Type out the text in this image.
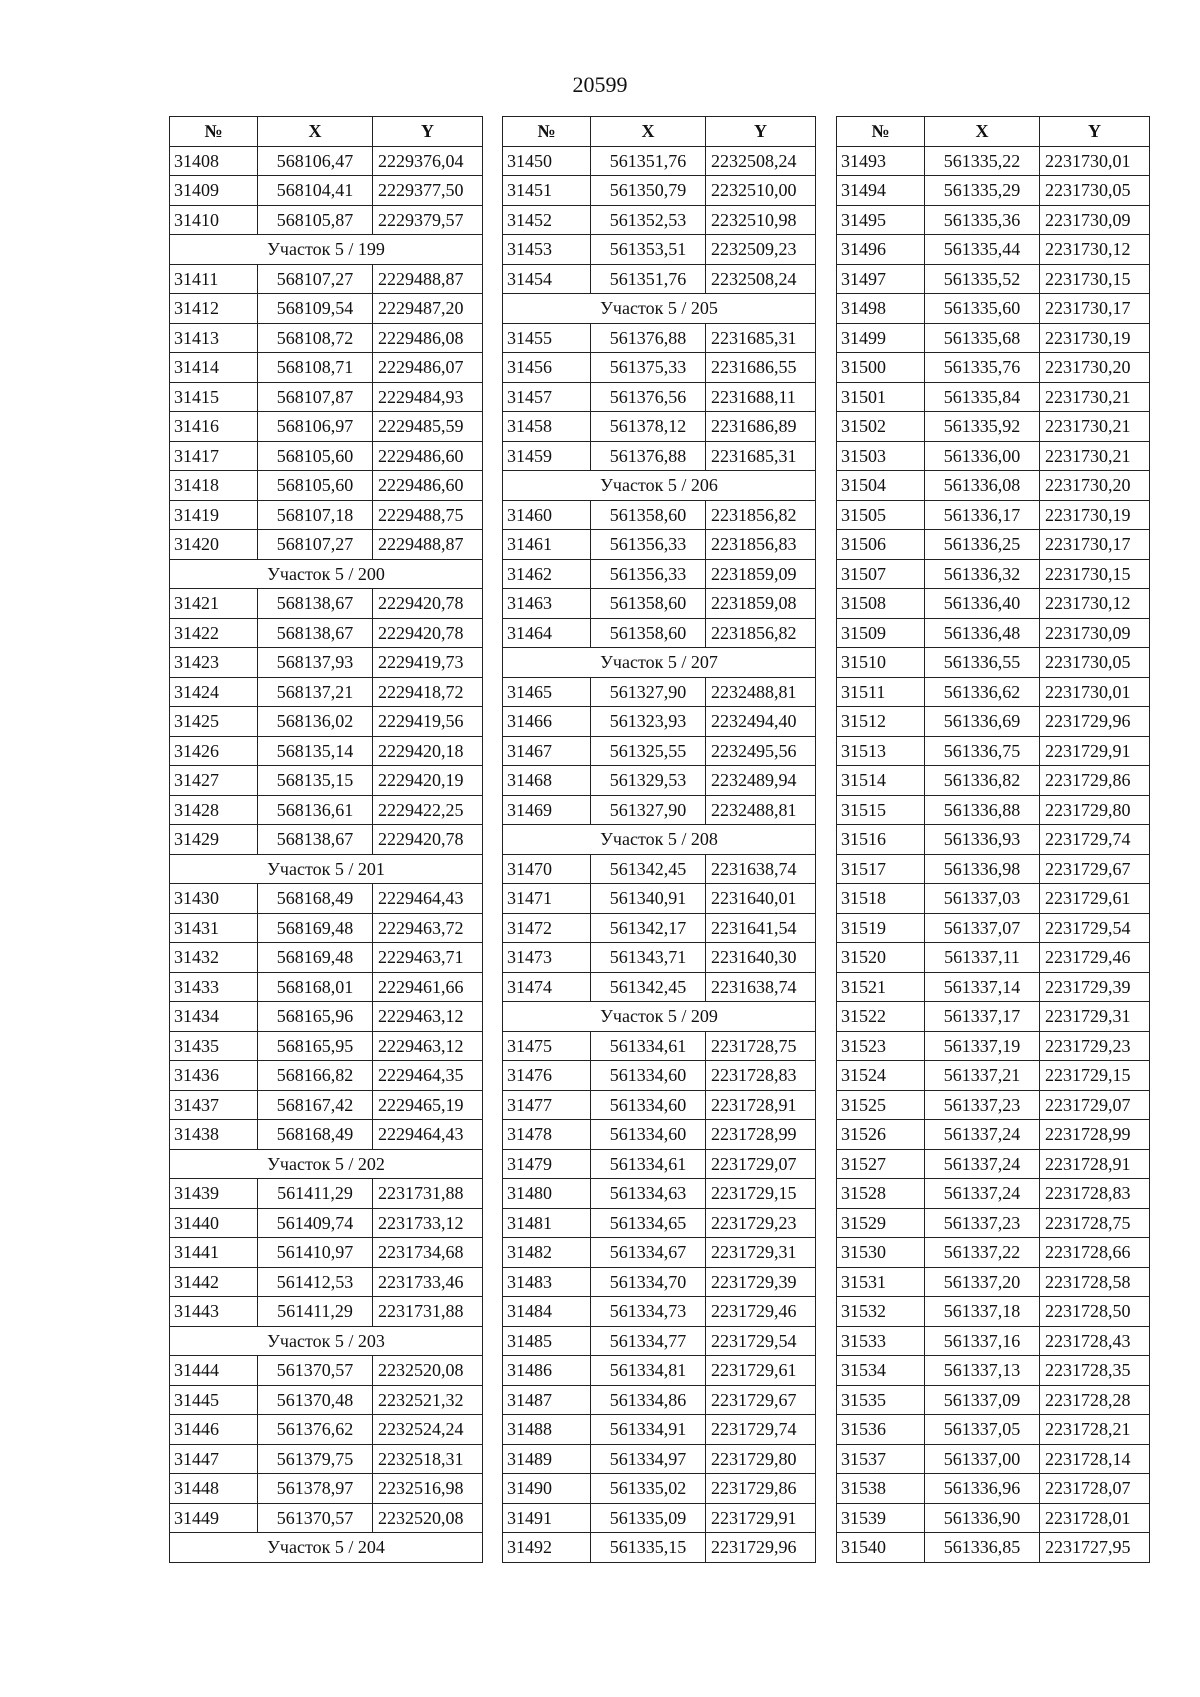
20599
№	X	Y
31408	568106,47	2229376,04
31409	568104,41	2229377,50
31410	568105,87	2229379,57
Участок 5 / 199		
31411	568107,27	2229488,87
31412	568109,54	2229487,20
31413	568108,72	2229486,08
31414	568108,71	2229486,07
31415	568107,87	2229484,93
31416	568106,97	2229485,59
31417	568105,60	2229486,60
31418	568105,60	2229486,60
31419	568107,18	2229488,75
31420	568107,27	2229488,87
Участок 5 / 200		
31421	568138,67	2229420,78
31422	568138,67	2229420,78
31423	568137,93	2229419,73
31424	568137,21	2229418,72
31425	568136,02	2229419,56
31426	568135,14	2229420,18
31427	568135,15	2229420,19
31428	568136,61	2229422,25
31429	568138,67	2229420,78
Участок 5 / 201		
31430	568168,49	2229464,43
31431	568169,48	2229463,72
31432	568169,48	2229463,71
31433	568168,01	2229461,66
31434	568165,96	2229463,12
31435	568165,95	2229463,12
31436	568166,82	2229464,35
31437	568167,42	2229465,19
31438	568168,49	2229464,43
Участок 5 / 202		
31439	561411,29	2231731,88
31440	561409,74	2231733,12
31441	561410,97	2231734,68
31442	561412,53	2231733,46
31443	561411,29	2231731,88
Участок 5 / 203		
31444	561370,57	2232520,08
31445	561370,48	2232521,32
31446	561376,62	2232524,24
31447	561379,75	2232518,31
31448	561378,97	2232516,98
31449	561370,57	2232520,08
Участок 5 / 204		
№	X	Y
31450	561351,76	2232508,24
31451	561350,79	2232510,00
31452	561352,53	2232510,98
31453	561353,51	2232509,23
31454	561351,76	2232508,24
Участок 5 / 205		
31455	561376,88	2231685,31
31456	561375,33	2231686,55
31457	561376,56	2231688,11
31458	561378,12	2231686,89
31459	561376,88	2231685,31
Участок 5 / 206		
31460	561358,60	2231856,82
31461	561356,33	2231856,83
31462	561356,33	2231859,09
31463	561358,60	2231859,08
31464	561358,60	2231856,82
Участок 5 / 207		
31465	561327,90	2232488,81
31466	561323,93	2232494,40
31467	561325,55	2232495,56
31468	561329,53	2232489,94
31469	561327,90	2232488,81
Участок 5 / 208		
31470	561342,45	2231638,74
31471	561340,91	2231640,01
31472	561342,17	2231641,54
31473	561343,71	2231640,30
31474	561342,45	2231638,74
Участок 5 / 209		
31475	561334,61	2231728,75
31476	561334,60	2231728,83
31477	561334,60	2231728,91
31478	561334,60	2231728,99
31479	561334,61	2231729,07
31480	561334,63	2231729,15
31481	561334,65	2231729,23
31482	561334,67	2231729,31
31483	561334,70	2231729,39
31484	561334,73	2231729,46
31485	561334,77	2231729,54
31486	561334,81	2231729,61
31487	561334,86	2231729,67
31488	561334,91	2231729,74
31489	561334,97	2231729,80
31490	561335,02	2231729,86
31491	561335,09	2231729,91
31492	561335,15	2231729,96
№	X	Y
31493	561335,22	2231730,01
31494	561335,29	2231730,05
31495	561335,36	2231730,09
31496	561335,44	2231730,12
31497	561335,52	2231730,15
31498	561335,60	2231730,17
31499	561335,68	2231730,19
31500	561335,76	2231730,20
31501	561335,84	2231730,21
31502	561335,92	2231730,21
31503	561336,00	2231730,21
31504	561336,08	2231730,20
31505	561336,17	2231730,19
31506	561336,25	2231730,17
31507	561336,32	2231730,15
31508	561336,40	2231730,12
31509	561336,48	2231730,09
31510	561336,55	2231730,05
31511	561336,62	2231730,01
31512	561336,69	2231729,96
31513	561336,75	2231729,91
31514	561336,82	2231729,86
31515	561336,88	2231729,80
31516	561336,93	2231729,74
31517	561336,98	2231729,67
31518	561337,03	2231729,61
31519	561337,07	2231729,54
31520	561337,11	2231729,46
31521	561337,14	2231729,39
31522	561337,17	2231729,31
31523	561337,19	2231729,23
31524	561337,21	2231729,15
31525	561337,23	2231729,07
31526	561337,24	2231728,99
31527	561337,24	2231728,91
31528	561337,24	2231728,83
31529	561337,23	2231728,75
31530	561337,22	2231728,66
31531	561337,20	2231728,58
31532	561337,18	2231728,50
31533	561337,16	2231728,43
31534	561337,13	2231728,35
31535	561337,09	2231728,28
31536	561337,05	2231728,21
31537	561337,00	2231728,14
31538	561336,96	2231728,07
31539	561336,90	2231728,01
31540	561336,85	2231727,95
